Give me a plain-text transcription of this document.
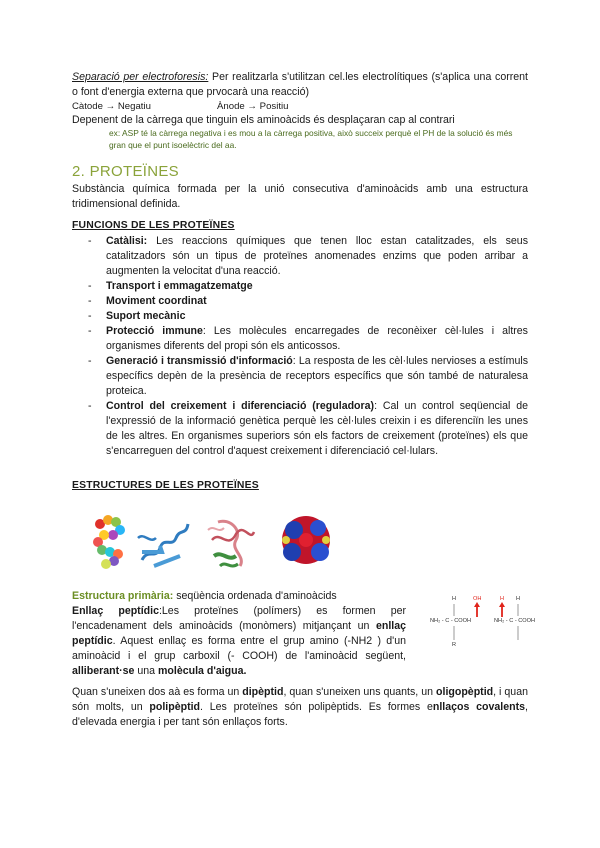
Separació per electroforesis: Per realitzarla s'utilitzan cel.les electrolítiques (s'aplica una corrent o font d'energia externa que prvocarà una reacció)
Càtode → Negatiu	Ànode → Positiu
Depenent de la càrrega que tinguin els aminoàcids és desplaçaran cap al contrari
ex: ASP té la càrrega negativa i es mou a la càrrega positiva, això succeix perquè el PH de la solució és més gran que el punt isoelèctric del aa.
2. PROTEÏNES
Substància química formada per la unió consecutiva d'aminoàcids amb una estructura tridimensional definida.
FUNCIONS DE LES PROTEÏNES
- Catàlisi: Les reaccions químiques que tenen lloc estan catalitzades, els seus catalitzadors són un tipus de proteïnes anomenades enzims que poden arribar a augmenten la velocitat d'una reacció.
- Transport i emmagatzematge
- Moviment coordinat
- Suport mecànic
- Protecció immune: Les molècules encarregades de reconèixer cèl·lules i altres organismes diferents del propi són els anticossos.
- Generació i transmissió d'informació: La resposta de les cèl·lules nervioses a estímuls específics depèn de la presència de receptors específics que són també de naturalesa proteica.
- Control del creixement i diferenciació (reguladora): Cal un control seqüencial de l'expressió de la informació genètica perquè les cèl·lules creixin i es diferenciïn les unes de les altres. En organismes superiors són els factors de creixement (proteïnes) els que s'encarreguen del control d'aquest creixement i diferenciació cel·lulars.
ESTRUCTURES DE LES PROTEÏNES
Estructura primària: seqüència ordenada d'aminoàcids
Enllaç peptídic:Les proteïnes (polímers) es formen per l'encadenament dels aminoàcids (monòmers) mitjançant un enllaç peptídic. Aquest enllaç es forma entre el grup amino (-NH2 ) d'un aminoàcid i el grup carboxil (- COOH) de l'aminoàcid següent, alliberant·se una molècula d'aigua.
H	OH	H H
NH₂ - C - COOH	NH₂ - C - COOH
R
Quan s'uneixen dos aà es forma un dipèptid, quan s'uneixen uns quants, un oligopèptid, i quan són molts, un polipèptid. Les proteïnes són polipèptids. Es formes enllaços covalents, d'elevada energia i per tant són enllaços forts.
